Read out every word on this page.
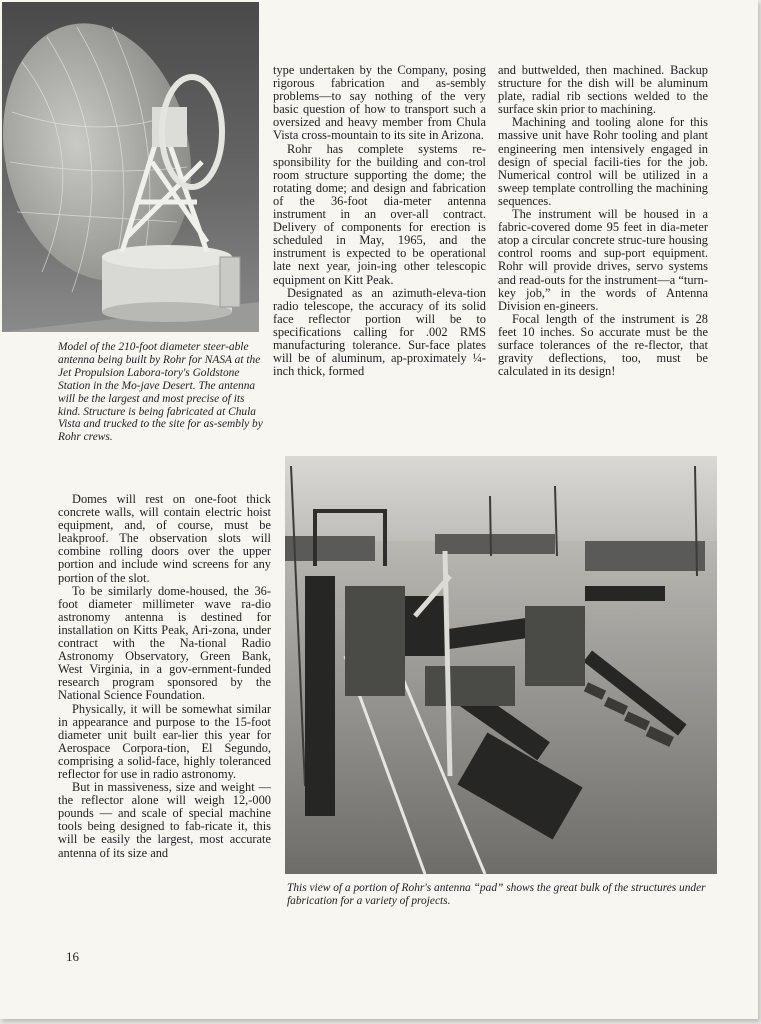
Model of the 210-foot diameter steer-able antenna being built by Rohr for NASA at the Jet Propulsion Labora-tory's Goldstone Station in the Mo-jave Desert. The antenna will be the largest and most precise of its kind. Structure is being fabricated at Chula Vista and trucked to the site for as-sembly by Rohr crews.

type undertaken by the Company, posing rigorous fabrication and as-sembly problems—to say nothing of the very basic question of how to transport such a oversized and heavy member from Chula Vista cross-mountain to its site in Arizona.

Rohr has complete systems re-sponsibility for the building and con-trol room structure supporting the dome; the rotating dome; and design and fabrication of the 36-foot dia-meter antenna instrument in an over-all contract. Delivery of components for erection is scheduled in May, 1965, and the instrument is expected to be operational late next year, join-ing other telescopic equipment on Kitt Peak.

Designated as an azimuth-eleva-tion radio telescope, the accuracy of its solid face reflector portion will be to specifications calling for .002 RMS manufacturing tolerance. Sur-face plates will be of aluminum, ap-proximately ¼-inch thick, formed

and buttwelded, then machined. Backup structure for the dish will be aluminum plate, radial rib sections welded to the surface skin prior to machining.

Machining and tooling alone for this massive unit have Rohr tooling and plant engineering men intensively engaged in design of special facili-ties for the job. Numerical control will be utilized in a sweep template controlling the machining sequences.

The instrument will be housed in a fabric-covered dome 95 feet in dia-meter atop a circular concrete struc-ture housing control rooms and sup-port equipment. Rohr will provide drives, servo systems and read-outs for the instrument—a “turn-key job,” in the words of Antenna Division en-gineers.

Focal length of the instrument is 28 feet 10 inches. So accurate must be the surface tolerances of the re-flector, that gravity deflections, too, must be calculated in its design!

Domes will rest on one-foot thick concrete walls, will contain electric hoist equipment, and, of course, must be leakproof. The observation slots will combine rolling doors over the upper portion and include wind screens for any portion of the slot.

To be similarly dome-housed, the 36-foot diameter millimeter wave ra-dio astronomy antenna is destined for installation on Kitts Peak, Ari-zona, under contract with the Na-tional Radio Astronomy Observatory, Green Bank, West Virginia, in a gov-ernment-funded research program sponsored by the National Science Foundation.

Physically, it will be somewhat similar in appearance and purpose to the 15-foot diameter unit built ear-lier this year for Aerospace Corpora-tion, El Segundo, comprising a solid-face, highly toleranced reflector for use in radio astronomy.

But in massiveness, size and weight —the reflector alone will weigh 12,-000 pounds — and scale of special machine tools being designed to fab-ricate it, this will be easily the largest, most accurate antenna of its size and

This view of a portion of Rohr's antenna “pad” shows the great bulk of the structures under fabrication for a variety of projects.
16
